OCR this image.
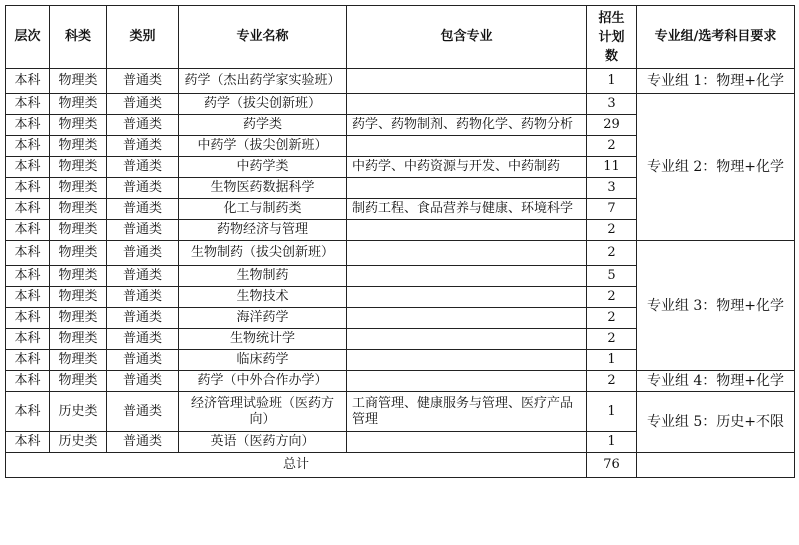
层次	科类	类别	专业名称	包含专业	招生
计划
数	专业组/选考科目要求
本科	物理类	普通类	药学（杰出药学家实验班）		1	专业组 1：物理+化学
本科	物理类	普通类	药学（拔尖创新班）		3	专业组 2：物理+化学
本科	物理类	普通类	药学类	药学、药物制剂、药物化学、药物分析	29	
本科	物理类	普通类	中药学（拔尖创新班）		2	
本科	物理类	普通类	中药学类	中药学、中药资源与开发、中药制药	11	
本科	物理类	普通类	生物医药数据科学		3	
本科	物理类	普通类	化工与制药类	制药工程、食品营养与健康、环境科学	7	
本科	物理类	普通类	药物经济与管理		2	
本科	物理类	普通类	生物制药（拔尖创新班）		2	专业组 3：物理+化学
本科	物理类	普通类	生物制药		5	
本科	物理类	普通类	生物技术		2	
本科	物理类	普通类	海洋药学		2	
本科	物理类	普通类	生物统计学		2	
本科	物理类	普通类	临床药学		1	
本科	物理类	普通类	药学（中外合作办学）		2	专业组 4：物理+化学
本科	历史类	普通类	经济管理试验班（医药方向）	工商管理、健康服务与管理、医疗产品管理	1	专业组 5：历史+不限
本科	历史类	普通类	英语（医药方向）		1	
总计					76	
